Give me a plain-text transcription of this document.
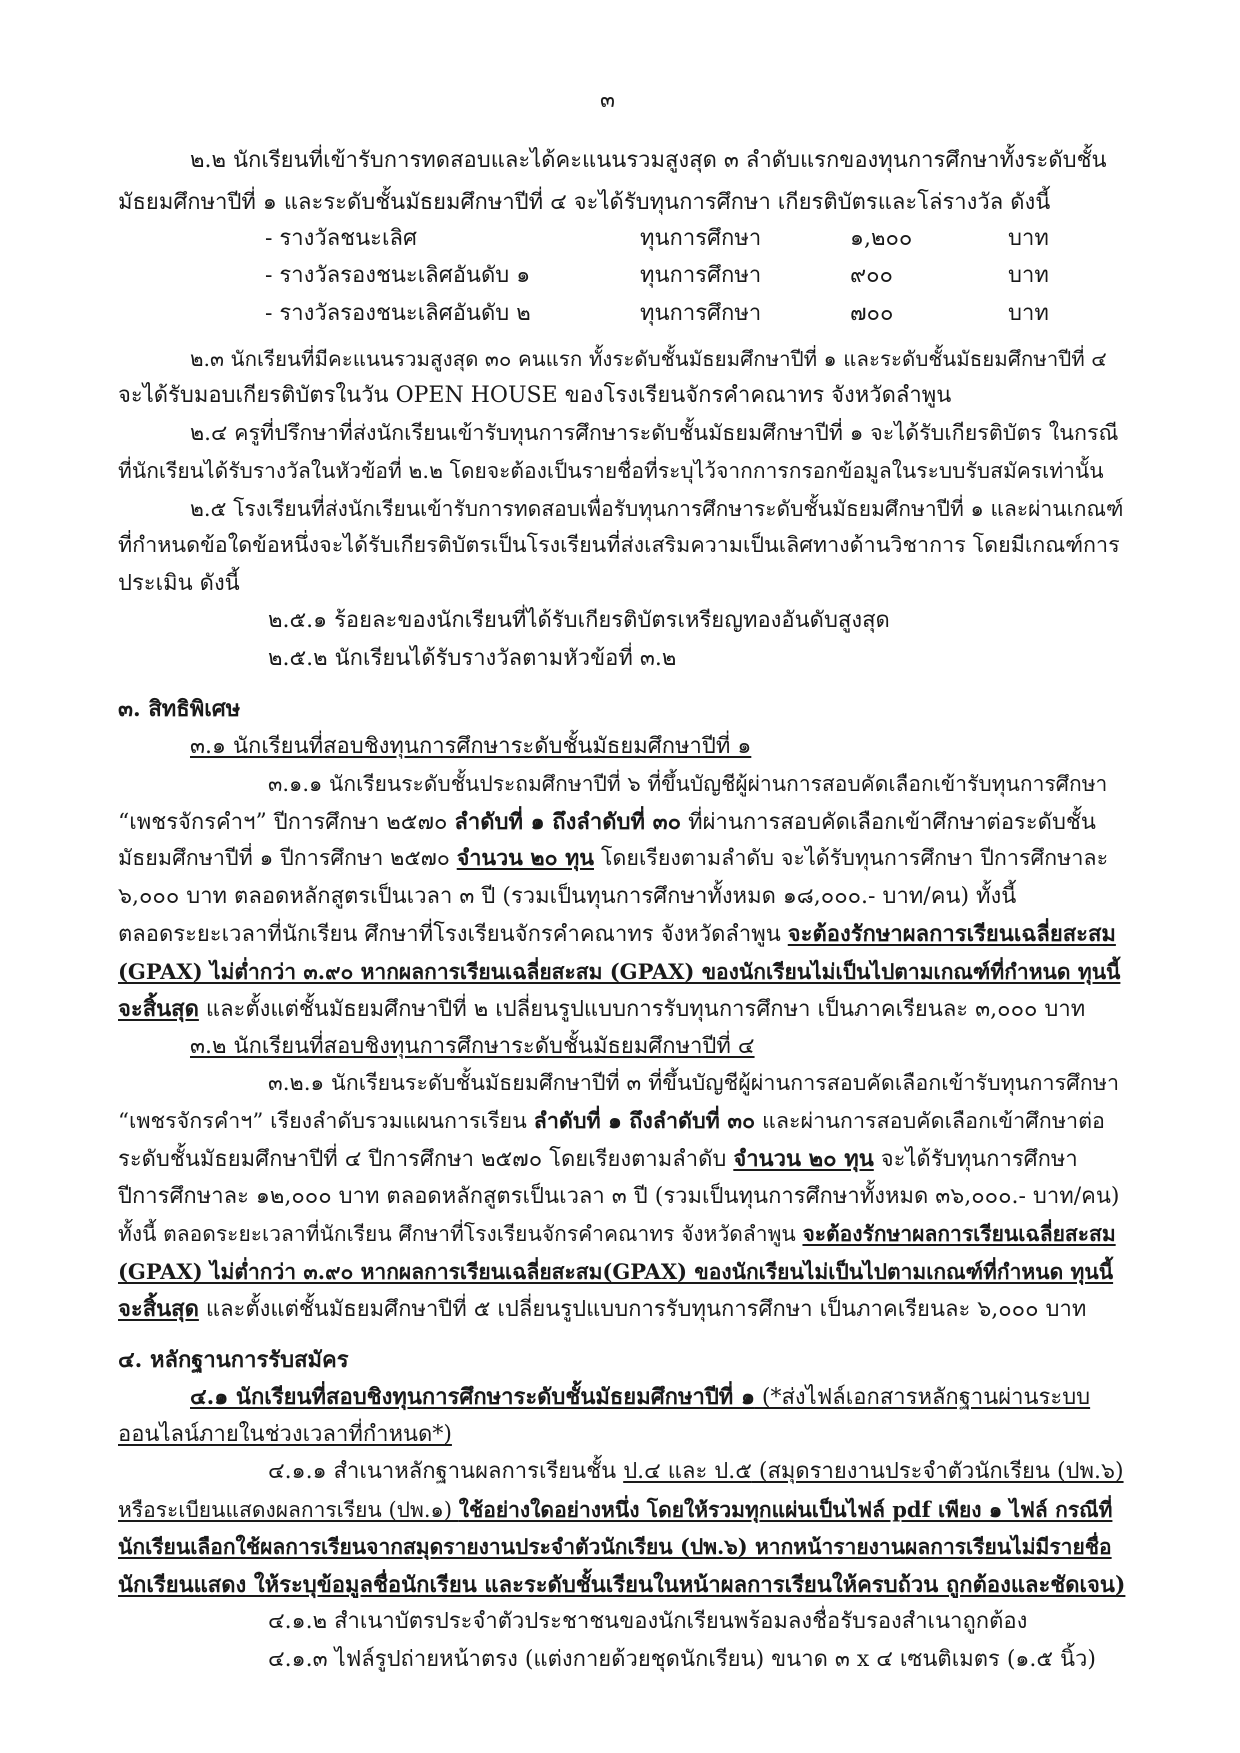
๓
๒.๒ นักเรียนที่เข้ารับการทดสอบและได้คะแนนรวมสูงสุด ๓ ลำดับแรกของทุนการศึกษาทั้งระดับชั้น
มัธยมศึกษาปีที่ ๑ และระดับชั้นมัธยมศึกษาปีที่ ๔ จะได้รับทุนการศึกษา เกียรติบัตรและโล่รางวัล ดังนี้
- รางวัลชนะเลิศ	ทุนการศึกษา	๑,๒๐๐	บาท
- รางวัลรองชนะเลิศอันดับ ๑	ทุนการศึกษา	๙๐๐	บาท
- รางวัลรองชนะเลิศอันดับ ๒	ทุนการศึกษา	๗๐๐	บาท
๒.๓ นักเรียนที่มีคะแนนรวมสูงสุด ๓๐ คนแรก ทั้งระดับชั้นมัธยมศึกษาปีที่ ๑ และระดับชั้นมัธยมศึกษาปีที่ ๔
จะได้รับมอบเกียรติบัตรในวัน OPEN HOUSE ของโรงเรียนจักรคำคณาทร จังหวัดลำพูน
๒.๔ ครูที่ปรึกษาที่ส่งนักเรียนเข้ารับทุนการศึกษาระดับชั้นมัธยมศึกษาปีที่ ๑ จะได้รับเกียรติบัตร ในกรณี
ที่นักเรียนได้รับรางวัลในหัวข้อที่ ๒.๒ โดยจะต้องเป็นรายชื่อที่ระบุไว้จากการกรอกข้อมูลในระบบรับสมัครเท่านั้น
๒.๕ โรงเรียนที่ส่งนักเรียนเข้ารับการทดสอบเพื่อรับทุนการศึกษาระดับชั้นมัธยมศึกษาปีที่ ๑ และผ่านเกณฑ์
ที่กำหนดข้อใดข้อหนึ่งจะได้รับเกียรติบัตรเป็นโรงเรียนที่ส่งเสริมความเป็นเลิศทางด้านวิชาการ โดยมีเกณฑ์การ
ประเมิน ดังนี้
๒.๕.๑ ร้อยละของนักเรียนที่ได้รับเกียรติบัตรเหรียญทองอันดับสูงสุด
๒.๕.๒ นักเรียนได้รับรางวัลตามหัวข้อที่ ๓.๒
๓. สิทธิพิเศษ
๓.๑ นักเรียนที่สอบชิงทุนการศึกษาระดับชั้นมัธยมศึกษาปีที่ ๑
๓.๑.๑ นักเรียนระดับชั้นประถมศึกษาปีที่ ๖ ที่ขึ้นบัญชีผู้ผ่านการสอบคัดเลือกเข้ารับทุนการศึกษา
“เพชรจักรคำฯ” ปีการศึกษา ๒๕๗๐ ลำดับที่ ๑ ถึงลำดับที่ ๓๐ ที่ผ่านการสอบคัดเลือกเข้าศึกษาต่อระดับชั้น
มัธยมศึกษาปีที่ ๑ ปีการศึกษา ๒๕๗๐ จำนวน ๒๐ ทุน โดยเรียงตามลำดับ จะได้รับทุนการศึกษา ปีการศึกษาละ
๖,๐๐๐ บาท ตลอดหลักสูตรเป็นเวลา ๓ ปี (รวมเป็นทุนการศึกษาทั้งหมด ๑๘,๐๐๐.- บาท/คน) ทั้งนี้
ตลอดระยะเวลาที่นักเรียน ศึกษาที่โรงเรียนจักรคำคณาทร จังหวัดลำพูน จะต้องรักษาผลการเรียนเฉลี่ยสะสม
(GPAX) ไม่ต่ำกว่า ๓.๙๐ หากผลการเรียนเฉลี่ยสะสม (GPAX) ของนักเรียนไม่เป็นไปตามเกณฑ์ที่กำหนด ทุนนี้
จะสิ้นสุด และตั้งแต่ชั้นมัธยมศึกษาปีที่ ๒ เปลี่ยนรูปแบบการรับทุนการศึกษา เป็นภาคเรียนละ ๓,๐๐๐ บาท
๓.๒ นักเรียนที่สอบชิงทุนการศึกษาระดับชั้นมัธยมศึกษาปีที่ ๔
๓.๒.๑ นักเรียนระดับชั้นมัธยมศึกษาปีที่ ๓ ที่ขึ้นบัญชีผู้ผ่านการสอบคัดเลือกเข้ารับทุนการศึกษา
“เพชรจักรคำฯ” เรียงลำดับรวมแผนการเรียน ลำดับที่ ๑ ถึงลำดับที่ ๓๐ และผ่านการสอบคัดเลือกเข้าศึกษาต่อ
ระดับชั้นมัธยมศึกษาปีที่ ๔ ปีการศึกษา ๒๕๗๐ โดยเรียงตามลำดับ จำนวน ๒๐ ทุน จะได้รับทุนการศึกษา
ปีการศึกษาละ ๑๒,๐๐๐ บาท ตลอดหลักสูตรเป็นเวลา ๓ ปี (รวมเป็นทุนการศึกษาทั้งหมด ๓๖,๐๐๐.- บาท/คน)
ทั้งนี้ ตลอดระยะเวลาที่นักเรียน ศึกษาที่โรงเรียนจักรคำคณาทร จังหวัดลำพูน จะต้องรักษาผลการเรียนเฉลี่ยสะสม
(GPAX) ไม่ต่ำกว่า ๓.๙๐ หากผลการเรียนเฉลี่ยสะสม(GPAX) ของนักเรียนไม่เป็นไปตามเกณฑ์ที่กำหนด ทุนนี้
จะสิ้นสุด และตั้งแต่ชั้นมัธยมศึกษาปีที่ ๕ เปลี่ยนรูปแบบการรับทุนการศึกษา เป็นภาคเรียนละ ๖,๐๐๐ บาท
๔. หลักฐานการรับสมัคร
๔.๑ นักเรียนที่สอบชิงทุนการศึกษาระดับชั้นมัธยมศึกษาปีที่ ๑ (*ส่งไฟล์เอกสารหลักฐานผ่านระบบ
ออนไลน์ภายในช่วงเวลาที่กำหนด*)
๔.๑.๑ สำเนาหลักฐานผลการเรียนชั้น ป.๔ และ ป.๕ (สมุดรายงานประจำตัวนักเรียน (ปพ.๖)
หรือระเบียนแสดงผลการเรียน (ปพ.๑) ใช้อย่างใดอย่างหนึ่ง โดยให้รวมทุกแผ่นเป็นไฟล์ pdf เพียง ๑ ไฟล์ กรณีที่
นักเรียนเลือกใช้ผลการเรียนจากสมุดรายงานประจำตัวนักเรียน (ปพ.๖) หากหน้ารายงานผลการเรียนไม่มีรายชื่อ
นักเรียนแสดง ให้ระบุข้อมูลชื่อนักเรียน และระดับชั้นเรียนในหน้าผลการเรียนให้ครบถ้วน ถูกต้องและชัดเจน)
๔.๑.๒ สำเนาบัตรประจำตัวประชาชนของนักเรียนพร้อมลงชื่อรับรองสำเนาถูกต้อง
๔.๑.๓ ไฟล์รูปถ่ายหน้าตรง (แต่งกายด้วยชุดนักเรียน) ขนาด ๓ x ๔ เซนติเมตร (๑.๕ นิ้ว)
